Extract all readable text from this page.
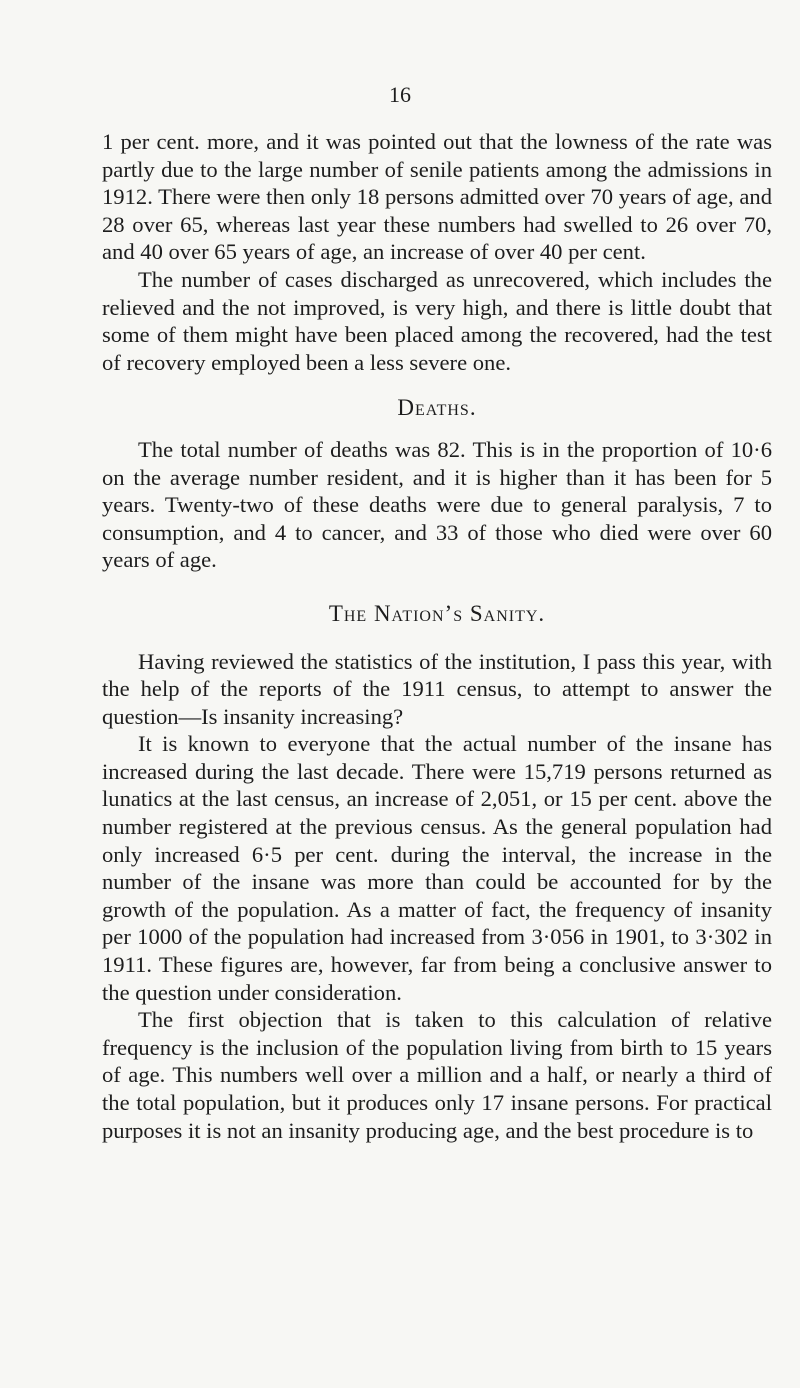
16

1 per cent. more, and it was pointed out that the lowness of the rate was partly due to the large number of senile patients among the admissions in 1912. There were then only 18 persons admitted over 70 years of age, and 28 over 65, whereas last year these numbers had swelled to 26 over 70, and 40 over 65 years of age, an increase of over 40 per cent.

The number of cases discharged as unrecovered, which includes the relieved and the not improved, is very high, and there is little doubt that some of them might have been placed among the recovered, had the test of recovery employed been a less severe one.

Deaths.

The total number of deaths was 82. This is in the proportion of 10·6 on the average number resident, and it is higher than it has been for 5 years. Twenty-two of these deaths were due to general paralysis, 7 to consumption, and 4 to cancer, and 33 of those who died were over 60 years of age.

The Nation’s Sanity.

Having reviewed the statistics of the institution, I pass this year, with the help of the reports of the 1911 census, to attempt to answer the question—Is insanity increasing?

It is known to everyone that the actual number of the insane has increased during the last decade. There were 15,719 persons returned as lunatics at the last census, an increase of 2,051, or 15 per cent. above the number registered at the previous census. As the general population had only increased 6·5 per cent. during the interval, the increase in the number of the insane was more than could be accounted for by the growth of the population. As a matter of fact, the frequency of insanity per 1000 of the population had increased from 3·056 in 1901, to 3·302 in 1911. These figures are, however, far from being a conclusive answer to the question under consideration.

The first objection that is taken to this calculation of relative frequency is the inclusion of the population living from birth to 15 years of age. This numbers well over a million and a half, or nearly a third of the total population, but it produces only 17 insane persons. For practical purposes it is not an insanity producing age, and the best procedure is to
